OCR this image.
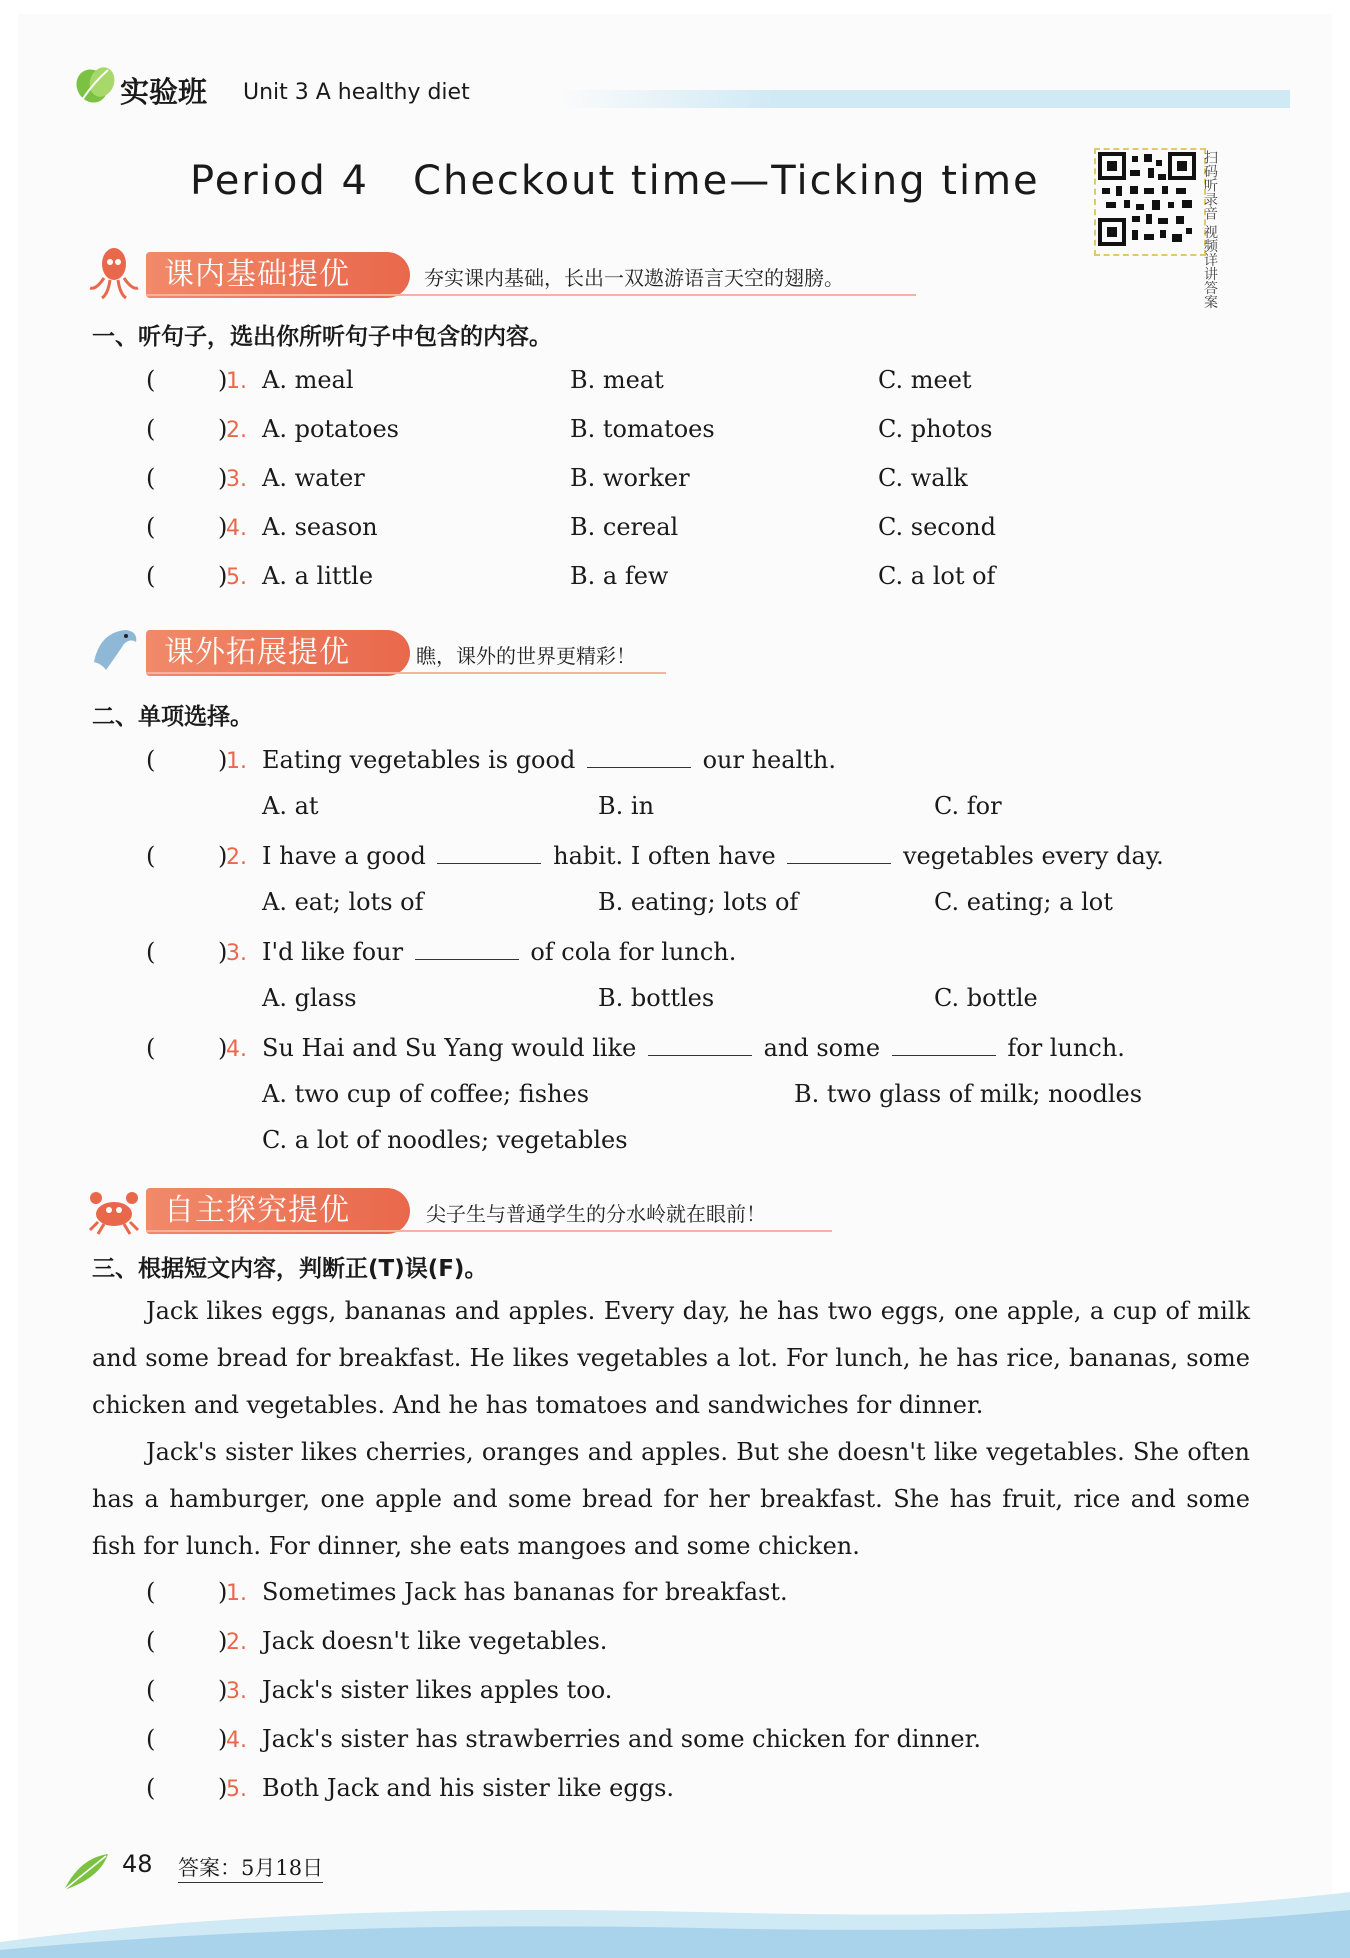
实验班 Unit 3 A healthy diet
Period 4   Checkout time—Ticking time	扫码听录音 视频详讲答案
课内基础提优	夯实课内基础，长出一双遨游语言天空的翅膀。
一、听句子，选出你所听句子中包含的内容。
(	)
1. A. meal	B. meat	C. meet
(	)
2. A. potatoes	B. tomatoes	C. photos
(	)
3. A. water	B. worker	C. walk
(	)
4. A. season	B. cereal	C. second
(	)
5. A. a little	B. a few	C. a lot of
课外拓展提优	瞧，课外的世界更精彩！
二、单项选择。
(	)
1. Eating vegetables is good	our health.
A. at	B. in	C. for
(	)
2. I have a good	habit. I often have	vegetables every day.
A. eat; lots of	B. eating; lots of	C. eating; a lot
(	)
3. I'd like four	of cola for lunch.
A. glass	B. bottles	C. bottle
(	)
4. Su Hai and Su Yang would like	and some	for lunch.
A. two cup of coffee; fishes	B. two glass of milk; noodles
C. a lot of noodles; vegetables
自主探究提优	尖子生与普通学生的分水岭就在眼前！
三、根据短文内容，判断正(T)误(F)。
Jack likes eggs, bananas and apples. Every day, he has two eggs, one apple, a cup of milk and some bread for breakfast. He likes vegetables a lot. For lunch, he has rice, bananas, some chicken and vegetables. And he has tomatoes and sandwiches for dinner.
Jack's sister likes cherries, oranges and apples. But she doesn't like vegetables. She often has a hamburger, one apple and some bread for her breakfast. She has fruit, rice and some fish for lunch. For dinner, she eats mangoes and some chicken.
(	)
1. Sometimes Jack has bananas for breakfast.
(	)
2. Jack doesn't like vegetables.
(	)
3. Jack's sister likes apples too.
(	)
4. Jack's sister has strawberries and some chicken for dinner.
(	)
5. Both Jack and his sister like eggs.
48 答案：5月18日
